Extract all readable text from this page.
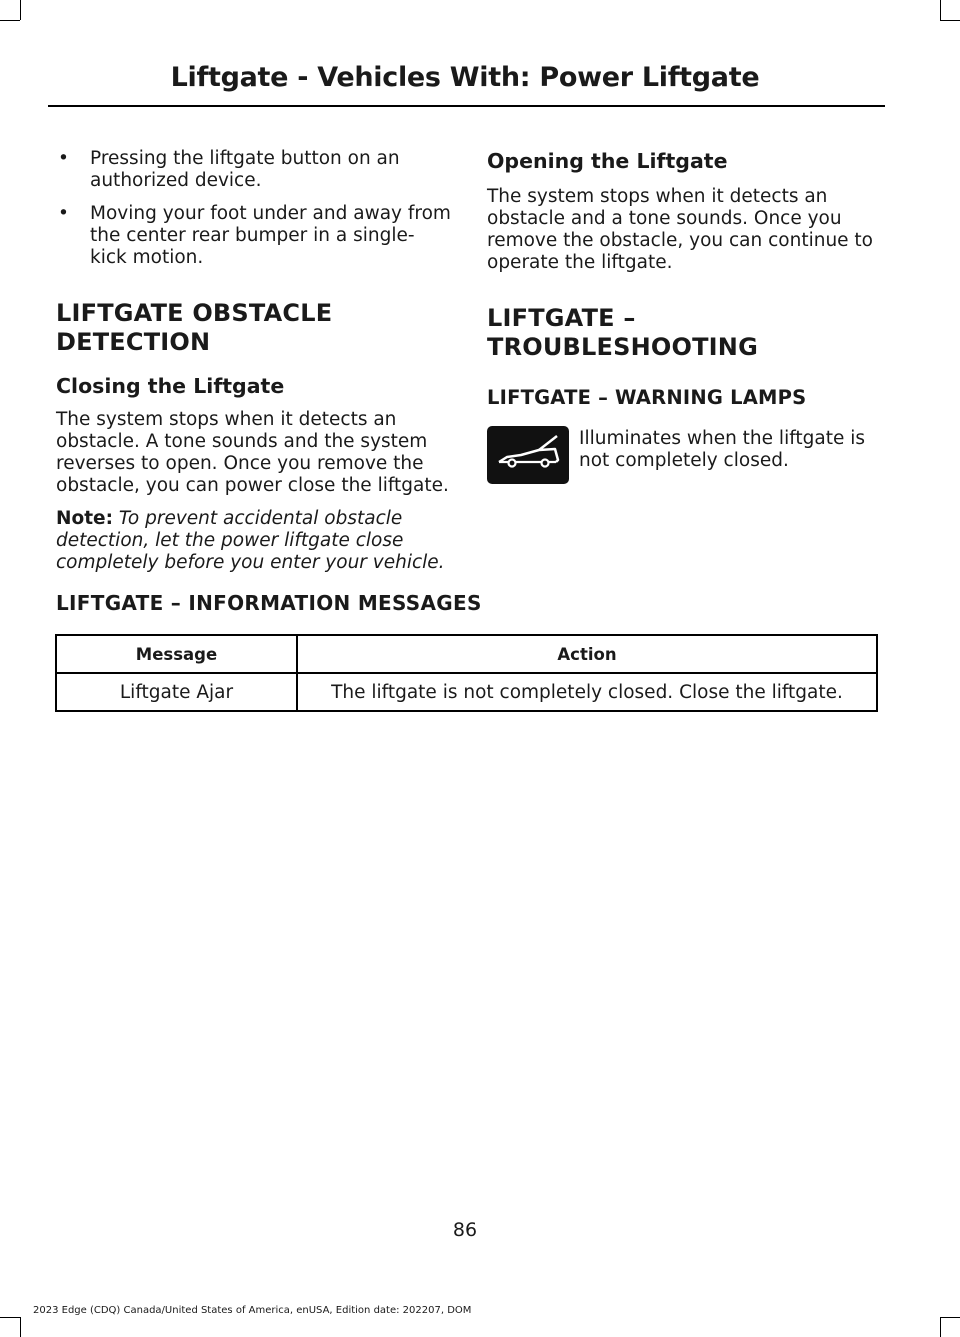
Liftgate - Vehicles With: Power Liftgate
• Pressing the liftgate button on an authorized device.
• Moving your foot under and away from the center rear bumper in a single-kick motion.
LIFTGATE OBSTACLE
DETECTION
Closing the Liftgate

The system stops when it detects an obstacle. A tone sounds and the system reverses to open. Once you remove the obstacle, you can power close the liftgate.

Note: To prevent accidental obstacle detection, let the power liftgate close completely before you enter your vehicle.

Opening the Liftgate

The system stops when it detects an obstacle and a tone sounds. Once you remove the obstacle, you can continue to operate the liftgate.

LIFTGATE –
TROUBLESHOOTING
LIFTGATE – WARNING LAMPS
Illuminates when the liftgate is not completely closed.
LIFTGATE – INFORMATION MESSAGES
Message	Action
Liftgate Ajar	The liftgate is not completely closed. Close the liftgate.
86
2023 Edge (CDQ) Canada/United States of America, enUSA, Edition date: 202207, DOM
